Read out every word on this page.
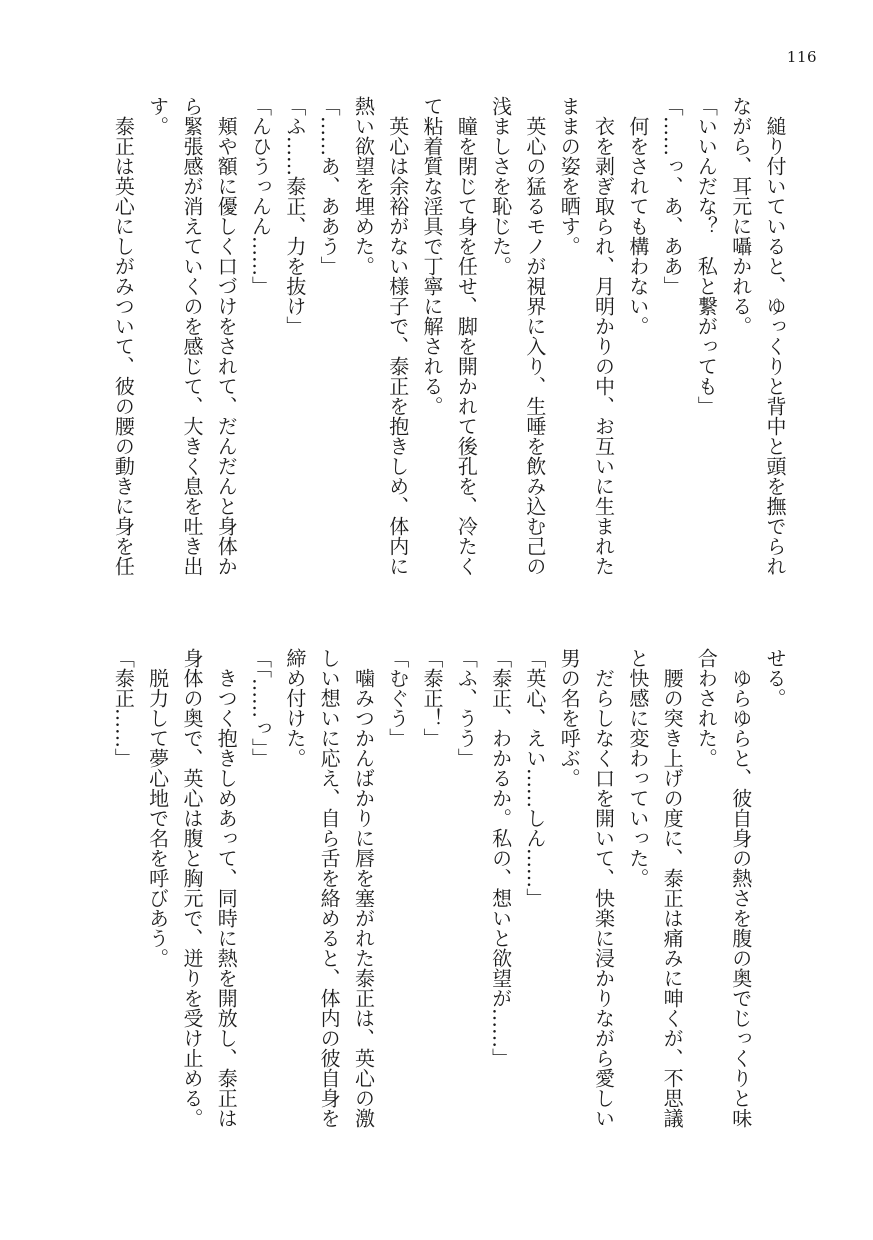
116
　縋り付いていると、ゆっくりと背中と頭を撫でられ
ながら、耳元に囁かれる。
「いいんだな？　私と繋がっても」
「……っ、あ、ああ」
　何をされても構わない。
　衣を剥ぎ取られ、月明かりの中、お互いに生まれた
ままの姿を晒す。
　英心の猛るモノが視界に入り、生唾を飲み込む己の
浅ましさを恥じた。
　瞳を閉じて身を任せ、脚を開かれて後孔を、冷たく
て粘着質な淫具で丁寧に解される。
　英心は余裕がない様子で、泰正を抱きしめ、体内に
熱い欲望を埋めた。
「……あ、ああう」
「ふ……泰正、力を抜け」
「んひうっんん……」
　頬や額に優しく口づけをされて、だんだんと身体か
ら緊張感が消えていくのを感じて、大きく息を吐き出
す。
　泰正は英心にしがみついて、彼の腰の動きに身を任
せる。
　ゆらゆらと、彼自身の熱さを腹の奥でじっくりと味
合わされた。
　腰の突き上げの度に、泰正は痛みに呻くが、不思議
と快感に変わっていった。
　だらしなく口を開いて、快楽に浸かりながら愛しい
男の名を呼ぶ。
「英心、えい……しん……」
「泰正、わかるか。私の、想いと欲望が……」
「ふ、うう」
「泰正！」
「むぐう」
　噛みつかんばかりに唇を塞がれた泰正は、英心の激
しい想いに応え、自ら舌を絡めると、体内の彼自身を
締め付けた。
「「……っ」」
　きつく抱きしめあって、同時に熱を開放し、泰正は
身体の奥で、英心は腹と胸元で、迸りを受け止める。
　脱力して夢心地で名を呼びあう。
「泰正……」
